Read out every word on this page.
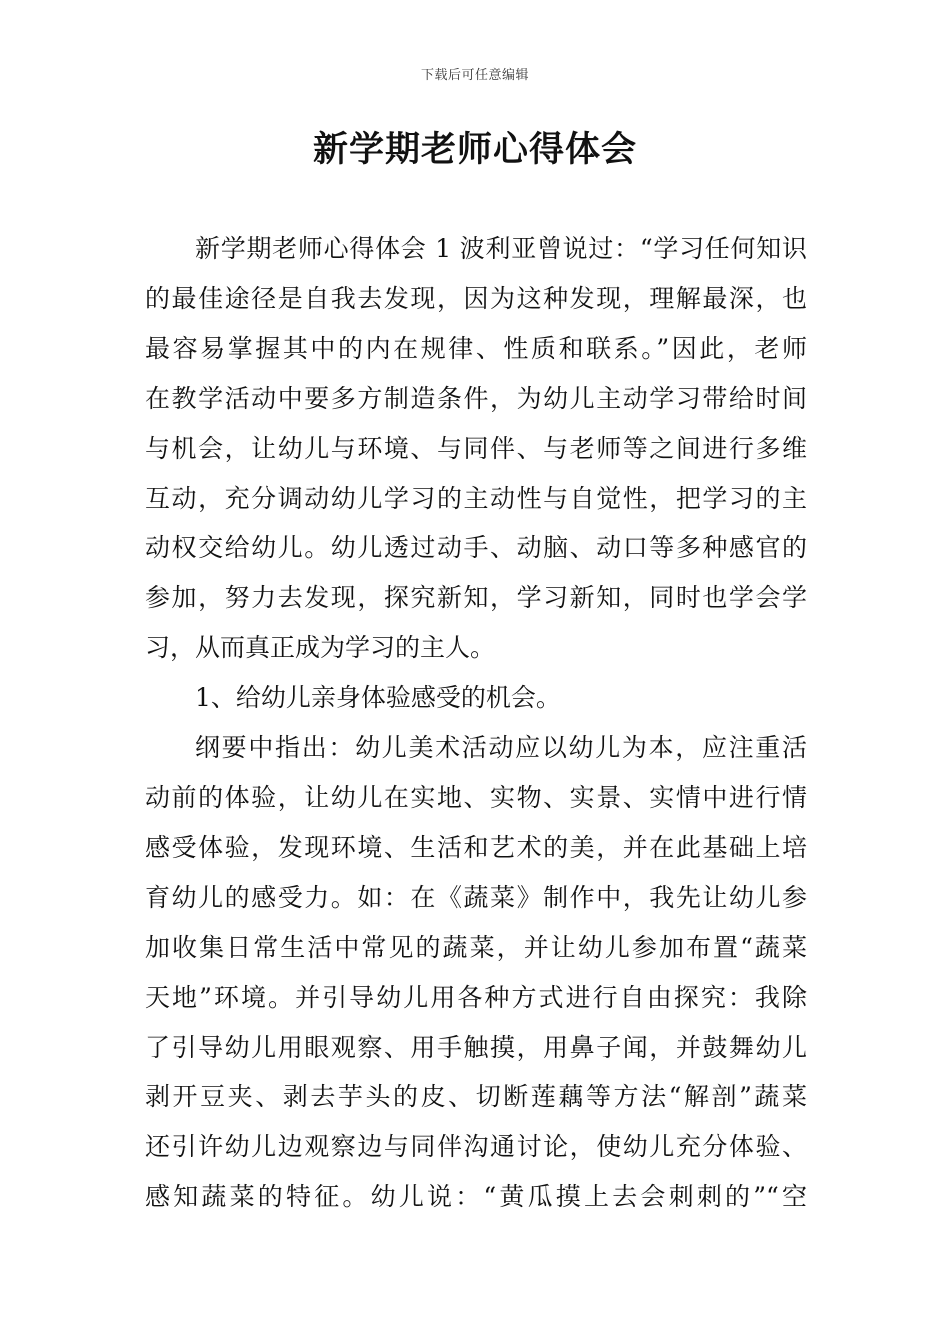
下载后可任意编辑
新学期老师心得体会
新学期老师心得体会 1 波利亚曾说过：“学习任何知识
的最佳途径是自我去发现，因为这种发现，理解最深，也
最容易掌握其中的内在规律、性质和联系。”因此，老师
在教学活动中要多方制造条件，为幼儿主动学习带给时间
与机会，让幼儿与环境、与同伴、与老师等之间进行多维
互动，充分调动幼儿学习的主动性与自觉性，把学习的主
动权交给幼儿。幼儿透过动手、动脑、动口等多种感官的
参加，努力去发现，探究新知，学习新知，同时也学会学
习，从而真正成为学习的主人。
1、给幼儿亲身体验感受的机会。
纲要中指出：幼儿美术活动应以幼儿为本，应注重活
动前的体验，让幼儿在实地、实物、实景、实情中进行情
感受体验，发现环境、生活和艺术的美，并在此基础上培
育幼儿的感受力。如：在《蔬菜》制作中，我先让幼儿参
加收集日常生活中常见的蔬菜，并让幼儿参加布置“蔬菜
天地”环境。并引导幼儿用各种方式进行自由探究：我除
了引导幼儿用眼观察、用手触摸，用鼻子闻，并鼓舞幼儿
剥开豆夹、剥去芋头的皮、切断莲藕等方法“解剖”蔬菜
还引许幼儿边观察边与同伴沟通讨论，使幼儿充分体验、
感知蔬菜的特征。幼儿说：“黄瓜摸上去会刺刺的”“空
